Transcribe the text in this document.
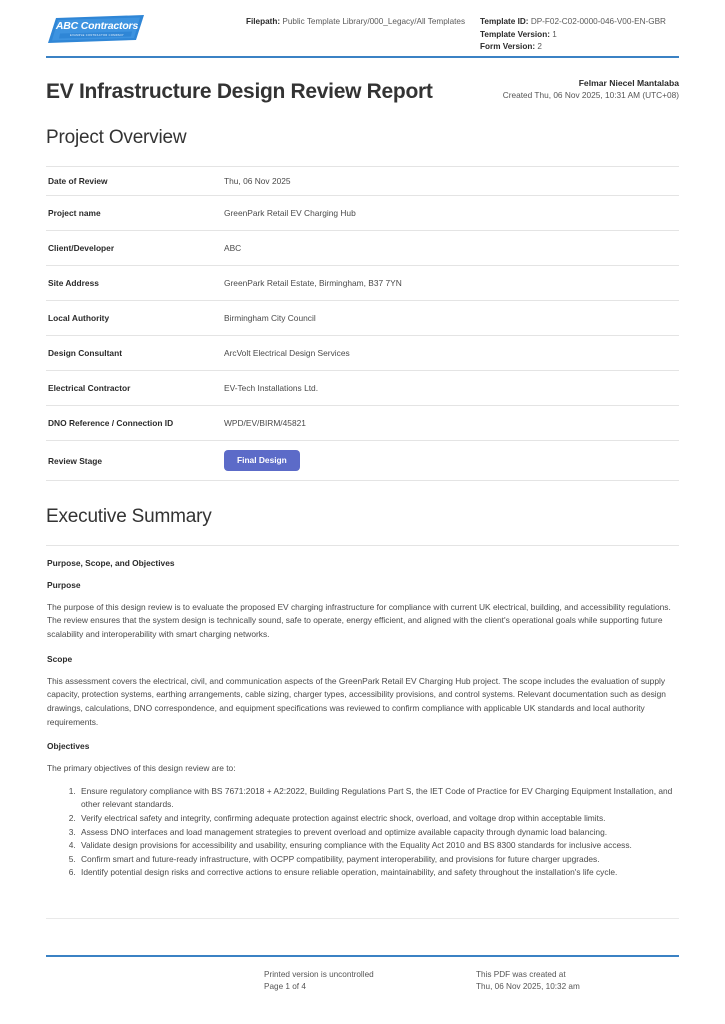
ABC Contractors
EXAMPLE CONTRACTOR COMPANY
Filepath: Public Template Library/000_Legacy/All Templates	Template ID: DP-F02-C02-0000-046-V00-EN-GBR
Template Version: 1
Form Version: 2
EV Infrastructure Design Review Report	Felmar Niecel Mantalaba
Created Thu, 06 Nov 2025, 10:31 AM (UTC+08)
Project Overview
Date of Review	Thu, 06 Nov 2025
Project name	GreenPark Retail EV Charging Hub
Client/Developer	ABC
Site Address	GreenPark Retail Estate, Birmingham, B37 7YN
Local Authority	Birmingham City Council
Design Consultant	ArcVolt Electrical Design Services
Electrical Contractor	EV-Tech Installations Ltd.
DNO Reference / Connection ID	WPD/EV/BIRM/45821
Review Stage	Final Design
Executive Summary
Purpose, Scope, and Objectives
Purpose

The purpose of this design review is to evaluate the proposed EV charging infrastructure for compliance with current UK electrical, building, and accessibility regulations. The review ensures that the system design is technically sound, safe to operate, energy efficient, and aligned with the client's operational goals while supporting future scalability and interoperability with smart charging networks.

Scope

This assessment covers the electrical, civil, and communication aspects of the GreenPark Retail EV Charging Hub project. The scope includes the evaluation of supply capacity, protection systems, earthing arrangements, cable sizing, charger types, accessibility provisions, and control systems. Relevant documentation such as design drawings, calculations, DNO correspondence, and equipment specifications was reviewed to confirm compliance with applicable UK standards and local authority requirements.

Objectives

The primary objectives of this design review are to:

1. Ensure regulatory compliance with BS 7671:2018 + A2:2022, Building Regulations Part S, the IET Code of Practice for EV Charging Equipment Installation, and other relevant standards.
2. Verify electrical safety and integrity, confirming adequate protection against electric shock, overload, and voltage drop within acceptable limits.
3. Assess DNO interfaces and load management strategies to prevent overload and optimize available capacity through dynamic load balancing.
4. Validate design provisions for accessibility and usability, ensuring compliance with the Equality Act 2010 and BS 8300 standards for inclusive access.
5. Confirm smart and future-ready infrastructure, with OCPP compatibility, payment interoperability, and provisions for future charger upgrades.
6. Identify potential design risks and corrective actions to ensure reliable operation, maintainability, and safety throughout the installation's life cycle.
Printed version is uncontrolled
Page 1 of 4
This PDF was created at
Thu, 06 Nov 2025, 10:32 am
